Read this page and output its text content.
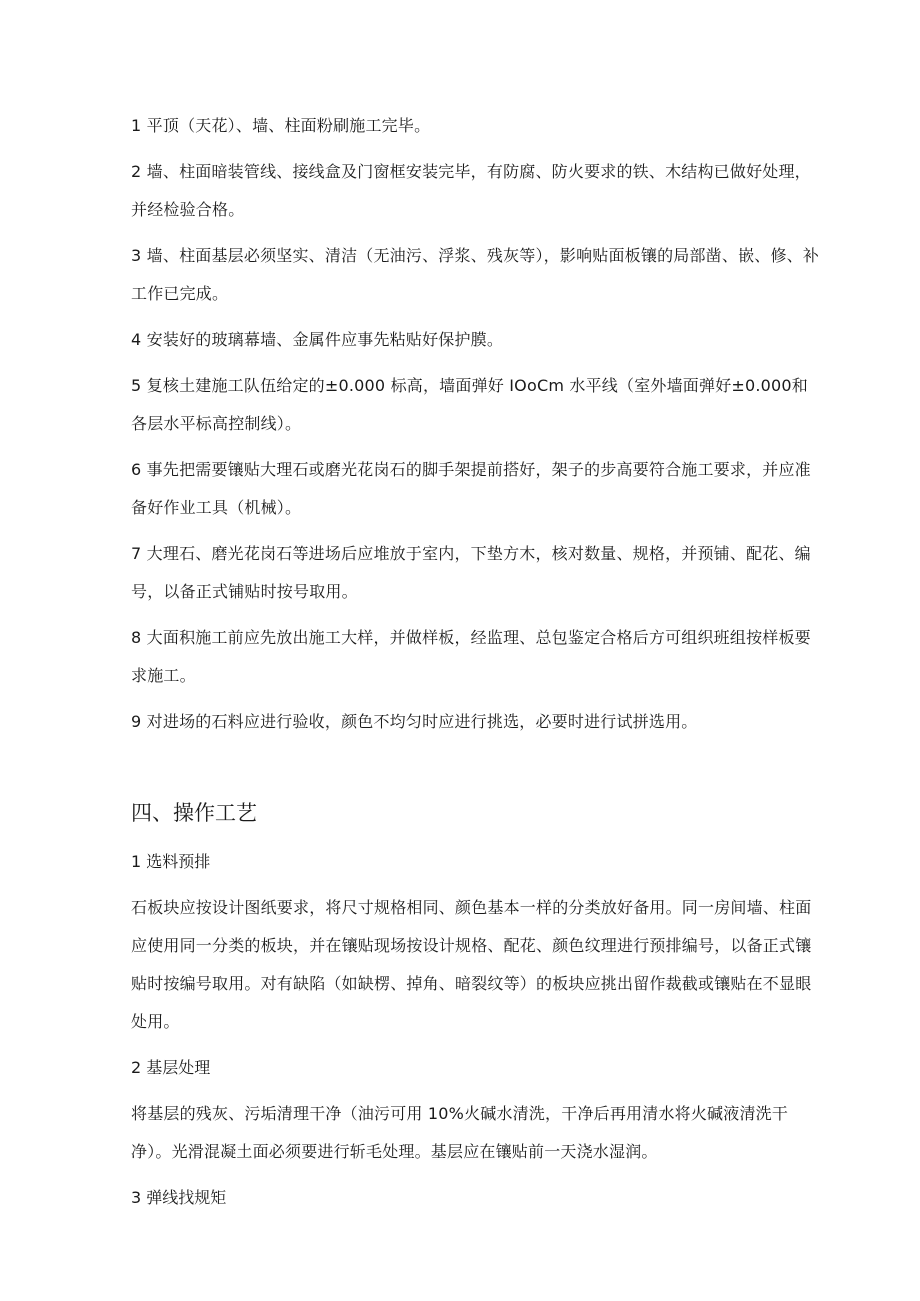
1 平顶（天花）、墙、柱面粉刷施工完毕。

2 墙、柱面暗装管线、接线盒及门窗框安装完毕，有防腐、防火要求的铁、木结构已做好处理，并经检验合格。

3 墙、柱面基层必须坚实、清洁（无油污、浮浆、残灰等），影响贴面板镶的局部凿、嵌、修、补工作已完成。

4 安装好的玻璃幕墙、金属件应事先粘贴好保护膜。

5 复核土建施工队伍给定的±0.000 标高，墙面弹好 IOoCm 水平线（室外墙面弹好±0.000和各层水平标高控制线）。

6 事先把需要镶贴大理石或磨光花岗石的脚手架提前搭好，架子的步高要符合施工要求，并应准备好作业工具（机械）。

7 大理石、磨光花岗石等进场后应堆放于室内，下垫方木，核对数量、规格，并预铺、配花、编号，以备正式铺贴时按号取用。

8 大面积施工前应先放出施工大样，并做样板，经监理、总包鉴定合格后方可组织班组按样板要求施工。

9 对进场的石料应进行验收，颜色不均匀时应进行挑选，必要时进行试拼选用。

四、操作工艺

1 选料预排

石板块应按设计图纸要求，将尺寸规格相同、颜色基本一样的分类放好备用。同一房间墙、柱面应使用同一分类的板块，并在镶贴现场按设计规格、配花、颜色纹理进行预排编号，以备正式镶贴时按编号取用。对有缺陷（如缺楞、掉角、暗裂纹等）的板块应挑出留作裁截或镶贴在不显眼处用。

2 基层处理

将基层的残灰、污垢清理干净（油污可用 10%火碱水清洗，干净后再用清水将火碱液清洗干净）。光滑混凝土面必须要进行斩毛处理。基层应在镶贴前一天浇水湿润。

3 弹线找规矩
